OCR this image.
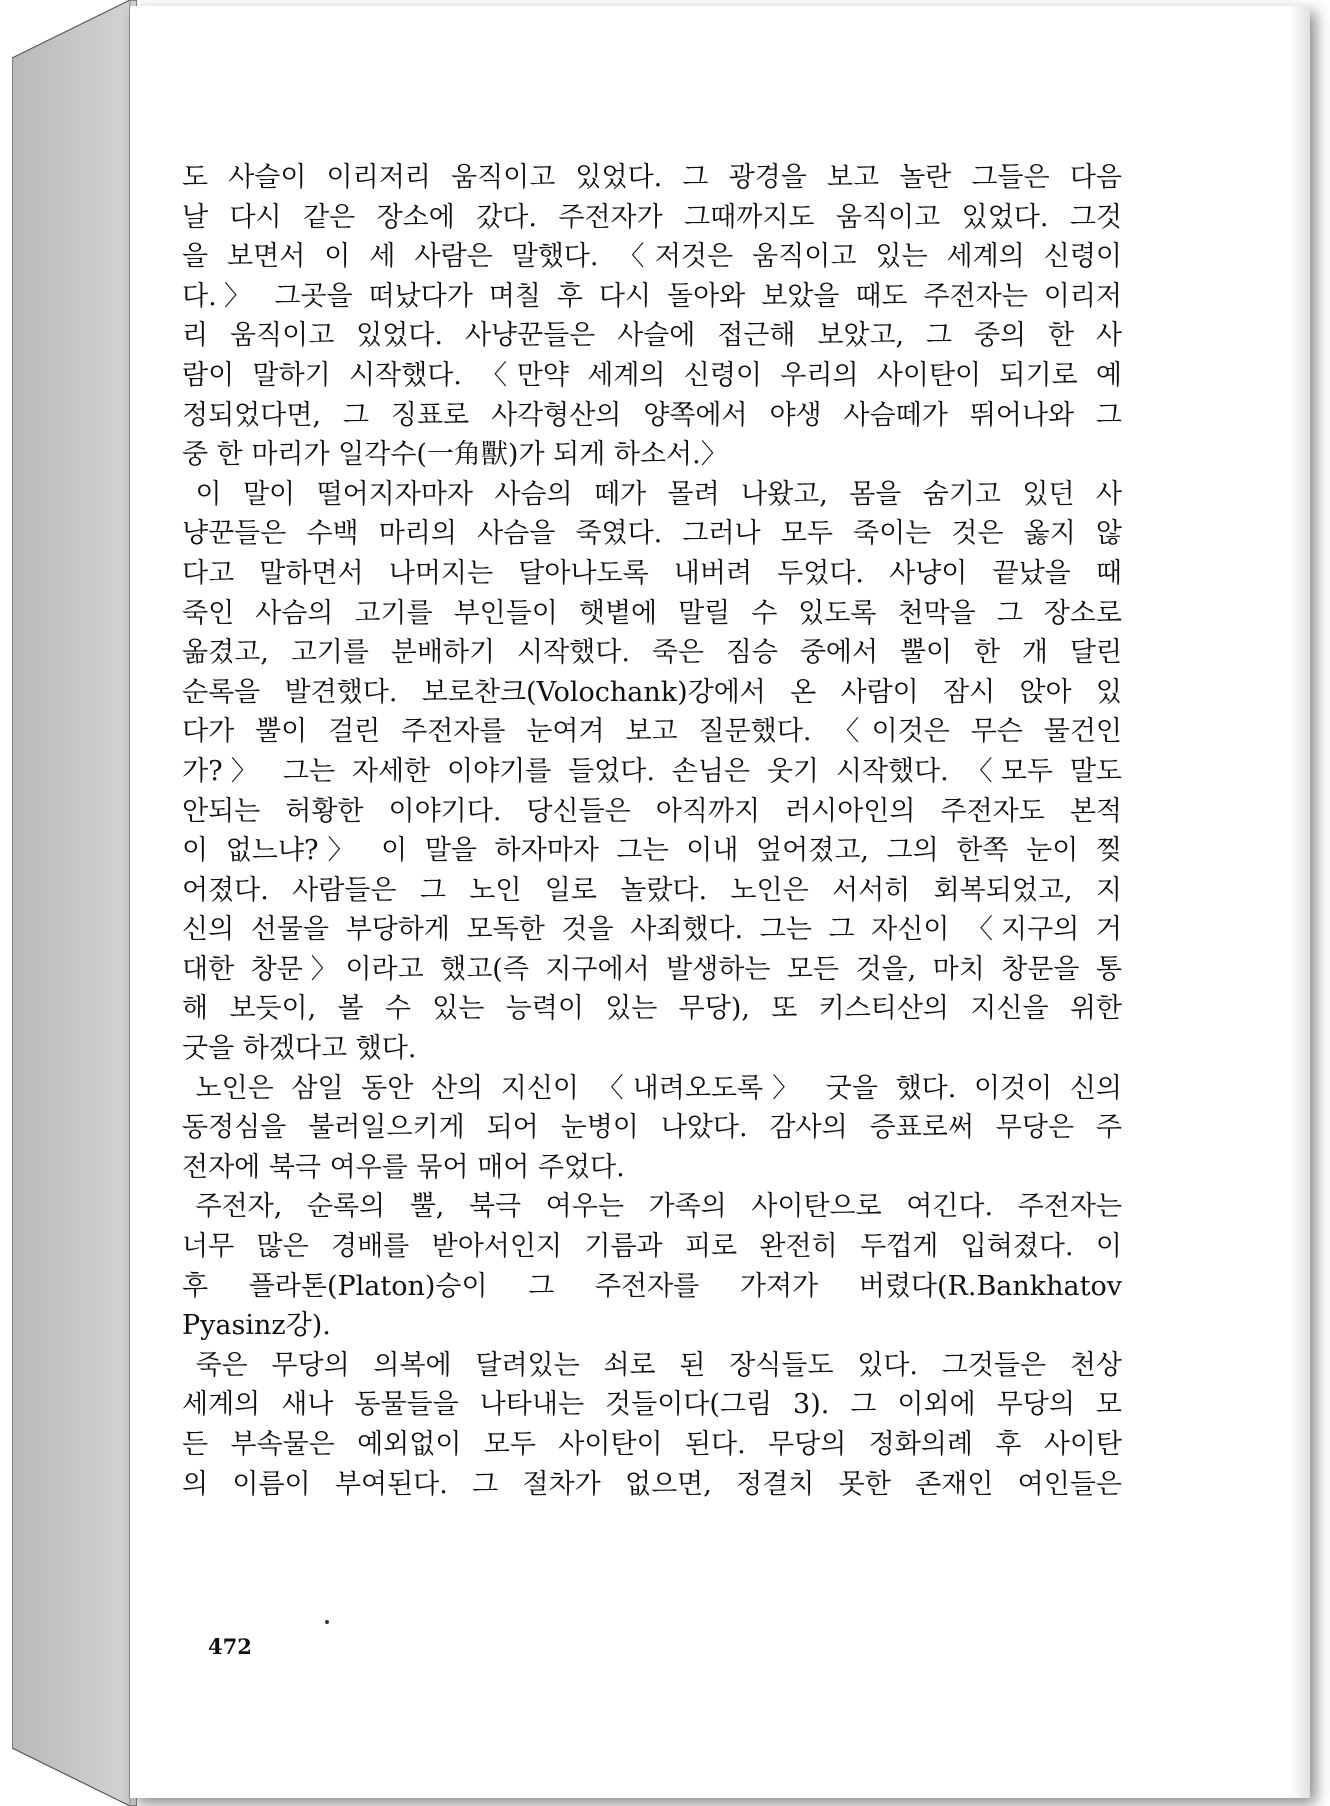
도 사슬이 이리저리 움직이고 있었다. 그 광경을 보고 놀란 그들은 다음
날 다시 같은 장소에 갔다. 주전자가 그때까지도 움직이고 있었다. 그것
을 보면서 이 세 사람은 말했다. 〈저것은 움직이고 있는 세계의 신령이
다.〉 그곳을 떠났다가 며칠 후 다시 돌아와 보았을 때도 주전자는 이리저
리 움직이고 있었다. 사냥꾼들은 사슬에 접근해 보았고, 그 중의 한 사
람이 말하기 시작했다. 〈만약 세계의 신령이 우리의 사이탄이 되기로 예
정되었다면, 그 징표로 사각형산의 양쪽에서 야생 사슴떼가 뛰어나와 그
중 한 마리가 일각수(一角獸)가 되게 하소서.〉
 이 말이 떨어지자마자 사슴의 떼가 몰려 나왔고, 몸을 숨기고 있던 사
냥꾼들은 수백 마리의 사슴을 죽였다. 그러나 모두 죽이는 것은 옳지 않
다고 말하면서 나머지는 달아나도록 내버려 두었다. 사냥이 끝났을 때
죽인 사슴의 고기를 부인들이 햇볕에 말릴 수 있도록 천막을 그 장소로
옮겼고, 고기를 분배하기 시작했다. 죽은 짐승 중에서 뿔이 한 개 달린
순록을 발견했다. 보로찬크(Volochank)강에서 온 사람이 잠시 앉아 있
다가 뿔이 걸린 주전자를 눈여겨 보고 질문했다. 〈이것은 무슨 물건인
가?〉 그는 자세한 이야기를 들었다. 손님은 웃기 시작했다. 〈모두 말도
안되는 허황한 이야기다. 당신들은 아직까지 러시아인의 주전자도 본적
이 없느냐?〉 이 말을 하자마자 그는 이내 엎어졌고, 그의 한쪽 눈이 찢
어졌다. 사람들은 그 노인 일로 놀랐다. 노인은 서서히 회복되었고, 지
신의 선물을 부당하게 모독한 것을 사죄했다. 그는 그 자신이 〈지구의 거
대한 창문〉이라고 했고(즉 지구에서 발생하는 모든 것을, 마치 창문을 통
해 보듯이, 볼 수 있는 능력이 있는 무당), 또 키스티산의 지신을 위한
굿을 하겠다고 했다.
 노인은 삼일 동안 산의 지신이 〈내려오도록〉 굿을 했다. 이것이 신의
동정심을 불러일으키게 되어 눈병이 나았다. 감사의 증표로써 무당은 주
전자에 북극 여우를 묶어 매어 주었다.
 주전자, 순록의 뿔, 북극 여우는 가족의 사이탄으로 여긴다. 주전자는
너무 많은 경배를 받아서인지 기름과 피로 완전히 두껍게 입혀졌다. 이
후 플라톤(Platon)승이 그 주전자를 가져가 버렸다(R.Bankhatov
Pyasinz강).
 죽은 무당의 의복에 달려있는 쇠로 된 장식들도 있다. 그것들은 천상
세계의 새나 동물들을 나타내는 것들이다(그림 3). 그 이외에 무당의 모
든 부속물은 예외없이 모두 사이탄이 된다. 무당의 정화의례 후 사이탄
의 이름이 부여된다. 그 절차가 없으면, 정결치 못한 존재인 여인들은
472
